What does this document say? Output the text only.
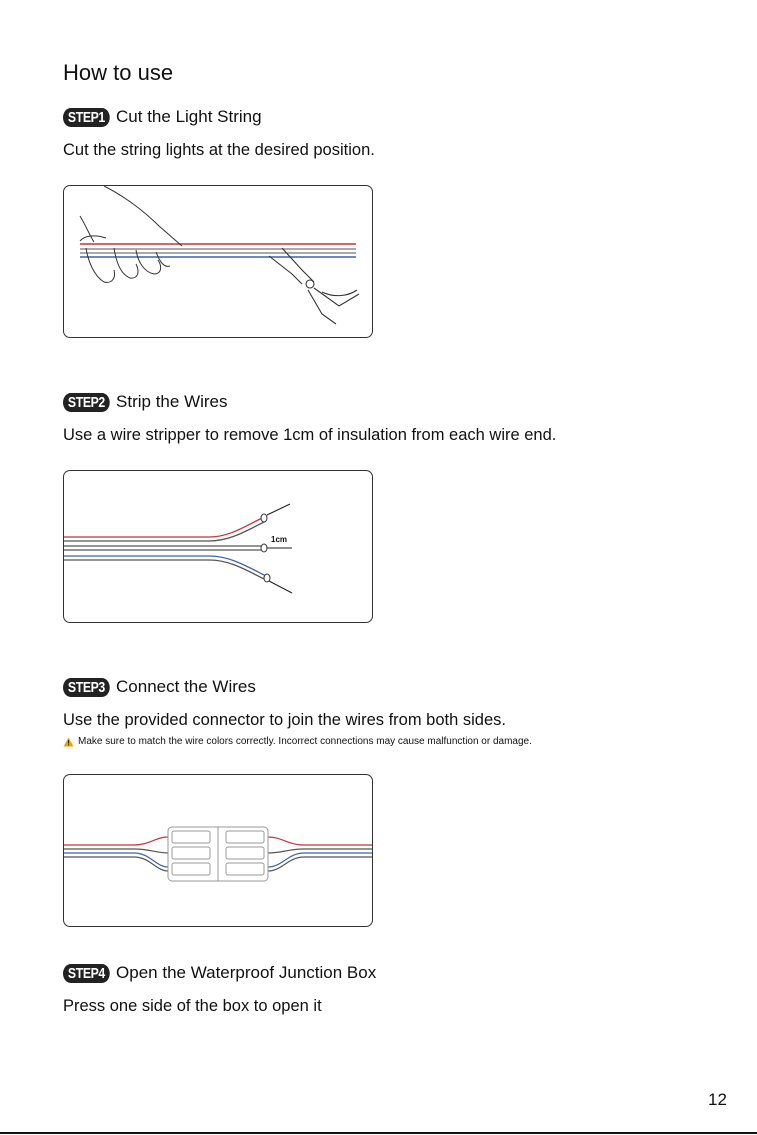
How to use
STEP1 Cut the Light String
Cut the string lights at the desired position.
STEP2 Strip the Wires
Use a wire stripper to remove 1cm of insulation from each wire end.
1cm
STEP3 Connect the Wires
Use the provided connector to join the wires from both sides.
Make sure to match the wire colors correctly. Incorrect connections may cause malfunction or damage.
STEP4 Open the Waterproof Junction Box
Press one side of the box to open it
12
